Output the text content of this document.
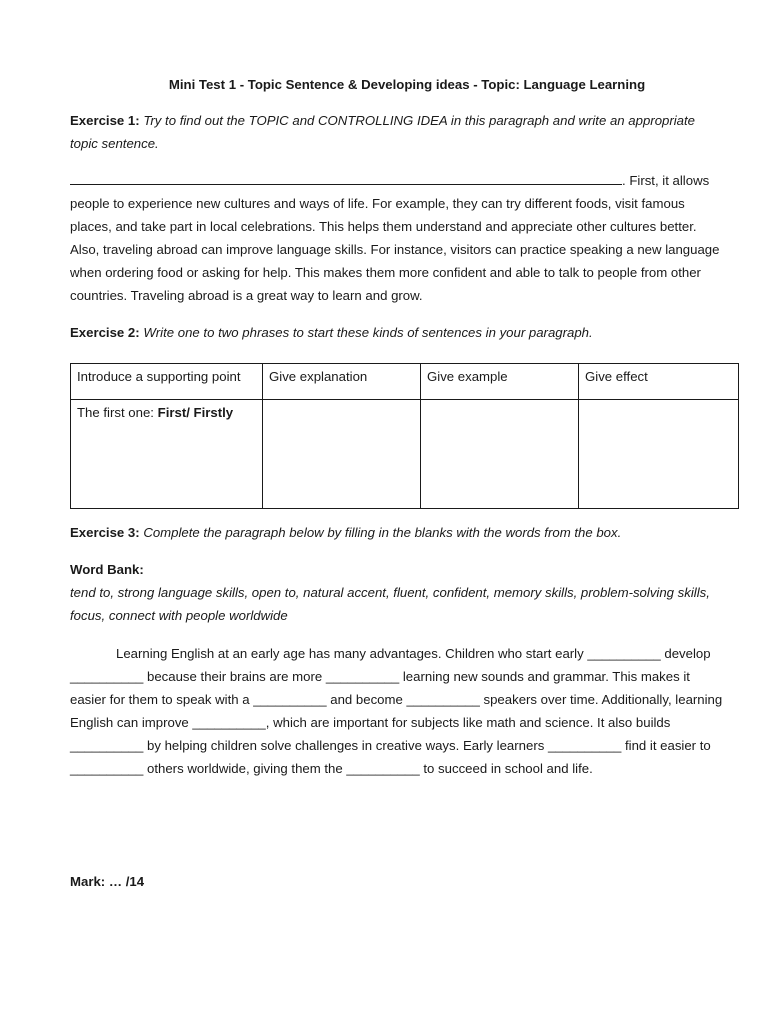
Mini Test 1 - Topic Sentence & Developing ideas - Topic: Language Learning

Exercise 1: Try to find out the TOPIC and CONTROLLING IDEA in this paragraph and write an appropriate topic sentence.

. First, it allows people to experience new cultures and ways of life. For example, they can try different foods, visit famous places, and take part in local celebrations. This helps them understand and appreciate other cultures better. Also, traveling abroad can improve language skills. For instance, visitors can practice speaking a new language when ordering food or asking for help. This makes them more confident and able to talk to people from other countries. Traveling abroad is a great way to learn and grow.

Exercise 2: Write one to two phrases to start these kinds of sentences in your paragraph.

Introduce a supporting point	Give explanation	Give example	Give effect
The first one: First/ Firstly			

Exercise 3: Complete the paragraph below by filling in the blanks with the words from the box.

Word Bank:

tend to, strong language skills, open to, natural accent, fluent, confident, memory skills, problem-solving skills, focus, connect with people worldwide

Learning English at an early age has many advantages. Children who start early __________ develop __________ because their brains are more __________ learning new sounds and grammar. This makes it easier for them to speak with a __________ and become __________ speakers over time. Additionally, learning English can improve __________, which are important for subjects like math and science. It also builds __________ by helping children solve challenges in creative ways. Early learners __________ find it easier to __________ others worldwide, giving them the __________ to succeed in school and life.

Mark: … /14
